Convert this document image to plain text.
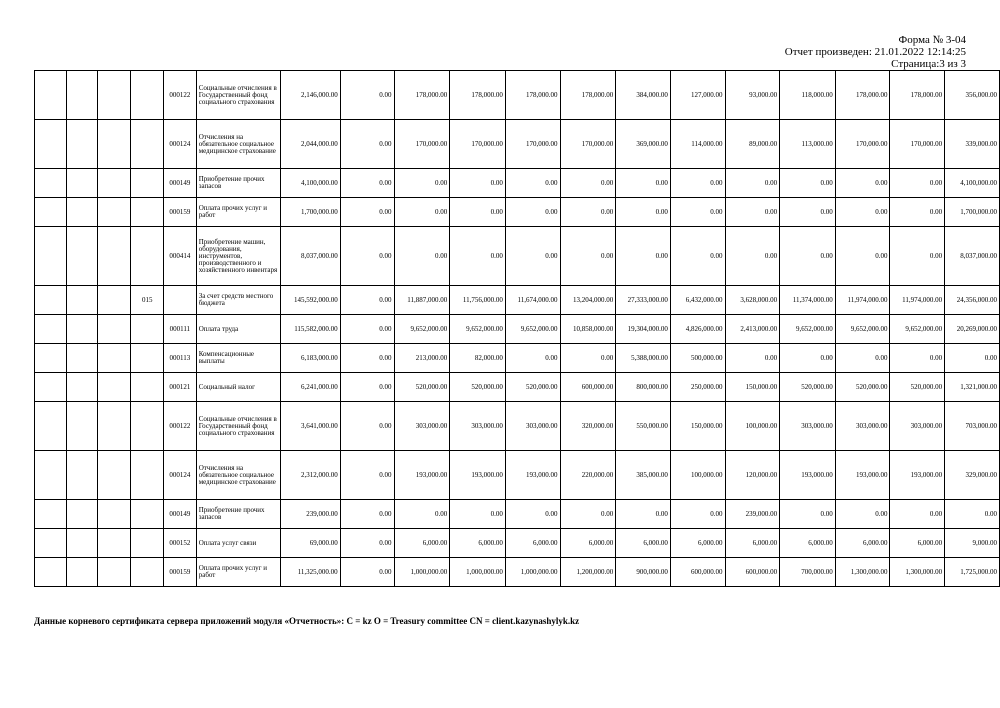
Форма № 3-04
Отчет произведен: 21.01.2022 12:14:25
Страница:3 из 3
				000122	Социальные отчисления в Государственный фонд социального страхования	2,146,000.00	0.00	178,000.00	178,000.00	178,000.00	178,000.00	384,000.00	127,000.00	93,000.00	118,000.00	178,000.00	178,000.00	356,000.00
				000124	Отчисления на обязательное социальное медицинское страхование	2,044,000.00	0.00	170,000.00	170,000.00	170,000.00	170,000.00	369,000.00	114,000.00	89,000.00	113,000.00	170,000.00	170,000.00	339,000.00
				000149	Приобретение прочих запасов	4,100,000.00	0.00	0.00	0.00	0.00	0.00	0.00	0.00	0.00	0.00	0.00	0.00	4,100,000.00
				000159	Оплата прочих услуг и работ	1,700,000.00	0.00	0.00	0.00	0.00	0.00	0.00	0.00	0.00	0.00	0.00	0.00	1,700,000.00
				000414	Приобретение машин, оборудования, инструментов, производственного и хозяйственного инвентаря	8,037,000.00	0.00	0.00	0.00	0.00	0.00	0.00	0.00	0.00	0.00	0.00	0.00	8,037,000.00
			015		За счет средств местного бюджета	145,592,000.00	0.00	11,887,000.00	11,756,000.00	11,674,000.00	13,204,000.00	27,333,000.00	6,432,000.00	3,628,000.00	11,374,000.00	11,974,000.00	11,974,000.00	24,356,000.00
				000111	Оплата труда	115,582,000.00	0.00	9,652,000.00	9,652,000.00	9,652,000.00	10,858,000.00	19,304,000.00	4,826,000.00	2,413,000.00	9,652,000.00	9,652,000.00	9,652,000.00	20,269,000.00
				000113	Компенсационные выплаты	6,183,000.00	0.00	213,000.00	82,000.00	0.00	0.00	5,388,000.00	500,000.00	0.00	0.00	0.00	0.00	0.00
				000121	Социальный налог	6,241,000.00	0.00	520,000.00	520,000.00	520,000.00	600,000.00	800,000.00	250,000.00	150,000.00	520,000.00	520,000.00	520,000.00	1,321,000.00
				000122	Социальные отчисления в Государственный фонд социального страхования	3,641,000.00	0.00	303,000.00	303,000.00	303,000.00	320,000.00	550,000.00	150,000.00	100,000.00	303,000.00	303,000.00	303,000.00	703,000.00
				000124	Отчисления на обязательное социальное медицинское страхование	2,312,000.00	0.00	193,000.00	193,000.00	193,000.00	220,000.00	385,000.00	100,000.00	120,000.00	193,000.00	193,000.00	193,000.00	329,000.00
				000149	Приобретение прочих запасов	239,000.00	0.00	0.00	0.00	0.00	0.00	0.00	0.00	239,000.00	0.00	0.00	0.00	0.00
				000152	Оплата услуг связи	69,000.00	0.00	6,000.00	6,000.00	6,000.00	6,000.00	6,000.00	6,000.00	6,000.00	6,000.00	6,000.00	6,000.00	9,000.00
				000159	Оплата прочих услуг и работ	11,325,000.00	0.00	1,000,000.00	1,000,000.00	1,000,000.00	1,200,000.00	900,000.00	600,000.00	600,000.00	700,000.00	1,300,000.00	1,300,000.00	1,725,000.00
Данные корневого сертификата сервера приложений модуля «Отчетность»: C = kz O = Treasury committee CN = client.kazynashylyk.kz
